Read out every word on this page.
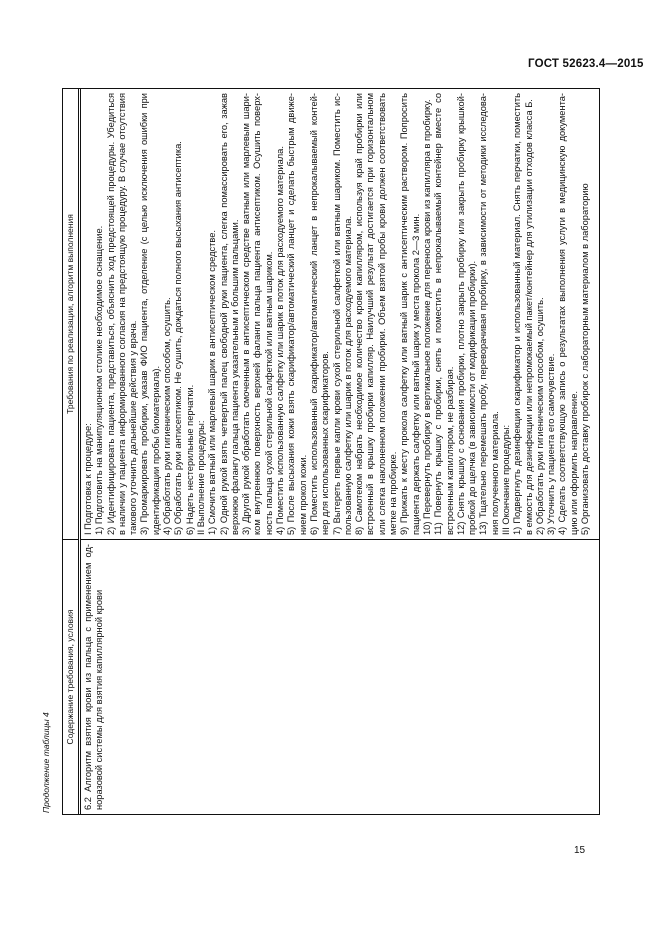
ГОСТ 52623.4—2015
Продолжение таблицы 4
Содержание требования, условия
Требования по реализации, алгоритм выполнения
6.2 Алгоритм взятия крови из пальца с применением од- норазовой системы для взятия капиллярной крови
I Подготовка к процедуре: 1) Подготовить на манипуляционном столике необходимое оснащение. 2) Идентифицировать пациента, представиться, объяснить ход предстоящей процедуры. Убедиться в наличии у пациента информированного согласия на предстоящую процедуру. В случае отсутствия такового уточнить дальнейшие действия у врача. 3) Промаркировать пробирки, указав ФИО пациента, отделение (с целью исключения ошибки при идентификации пробы биоматериала). 4) Обработать руки гигиеническим способом, осушить. 5) Обработать руки антисептиком. Не сушить, дождаться полного высыхания антисептика. 6) Надеть нестерильные перчатки. II Выполнение процедуры: 1) Смочить ватный или марлевый шарик в антисептическом средстве. 2) Одной рукой взять четвертый палец свободной руки пациента, слегка помассировать его, зажав верхнюю фалангу пальца пациента указательным и большим пальцами. 3) Другой рукой обработать смоченным в антисептическом средстве ватным или марлевым шари- ком внутреннюю поверхность верхней фаланги пальца пациента антисептиком. Осушить поверх- ность пальца сухой стерильной салфеткой или ватным шариком. 4) Поместить использованную салфетку или шарик в поток для расходуемого материала. 5) После высыхания кожи взять скарификатор/автоматический ланцет и сделать быстрым движе- нием прокол кожи. 6) Поместить использованный скарификатор/автоматический ланцет в непрокалываемый контей- нер для использованных скарификаторов. 7) Вытереть первые капли крови сухой стерильной салфеткой или ватным шариком. Поместить ис- пользованную салфетку или шарик в поток для расходуемого материала. 8) Самотеком набрать необходимое количество крови капилляром, используя край пробирки или встроенный в крышку пробирки капилляр. Наилучший результат достигается при горизонтальном или слегка наклоненном положении пробирки. Объем взятой пробы крови должен соответствовать метке на пробирке. 9) Прижать к месту прокола салфетку или ватный шарик с антисептическим раствором. Попросить пациента держать салфетку или ватный шарик у места прокола 2—3 мин. 10) Перевернуть пробирку в вертикальное положение для переноса крови из капилляра в пробирку. 11) Повернуть крышку с пробирки, снять и поместить в непрокалываемый контейнер вместе со встроенным капилляром, не разбирая. 12) Снять крышку с основания пробирки, плотно закрыть пробирку или закрыть пробирку крышкой- пробкой до щелчка (в зависимости от модификации пробирки). 13) Тщательно перемешать пробу, переворачивая пробирку, в зависимости от методики исследова- ния полученного материала. III Окончание процедуры: 1) Подвергнуть дезинфекции скарификатор и использованный материал. Снять перчатки, поместить в емкость для дезинфекции или непромокаемый пакет/контейнер для утилизации отходов класса Б. 2) Обработать руки гигиеническим способом, осушить. 3) Уточнить у пациента его самочувствие. 4) Сделать соответствующую запись о результатах выполнения услуги в медицинскую документа- цию или оформить направление. 5) Организовать доставку пробирок с лабораторным материалом в лабораторию
15
